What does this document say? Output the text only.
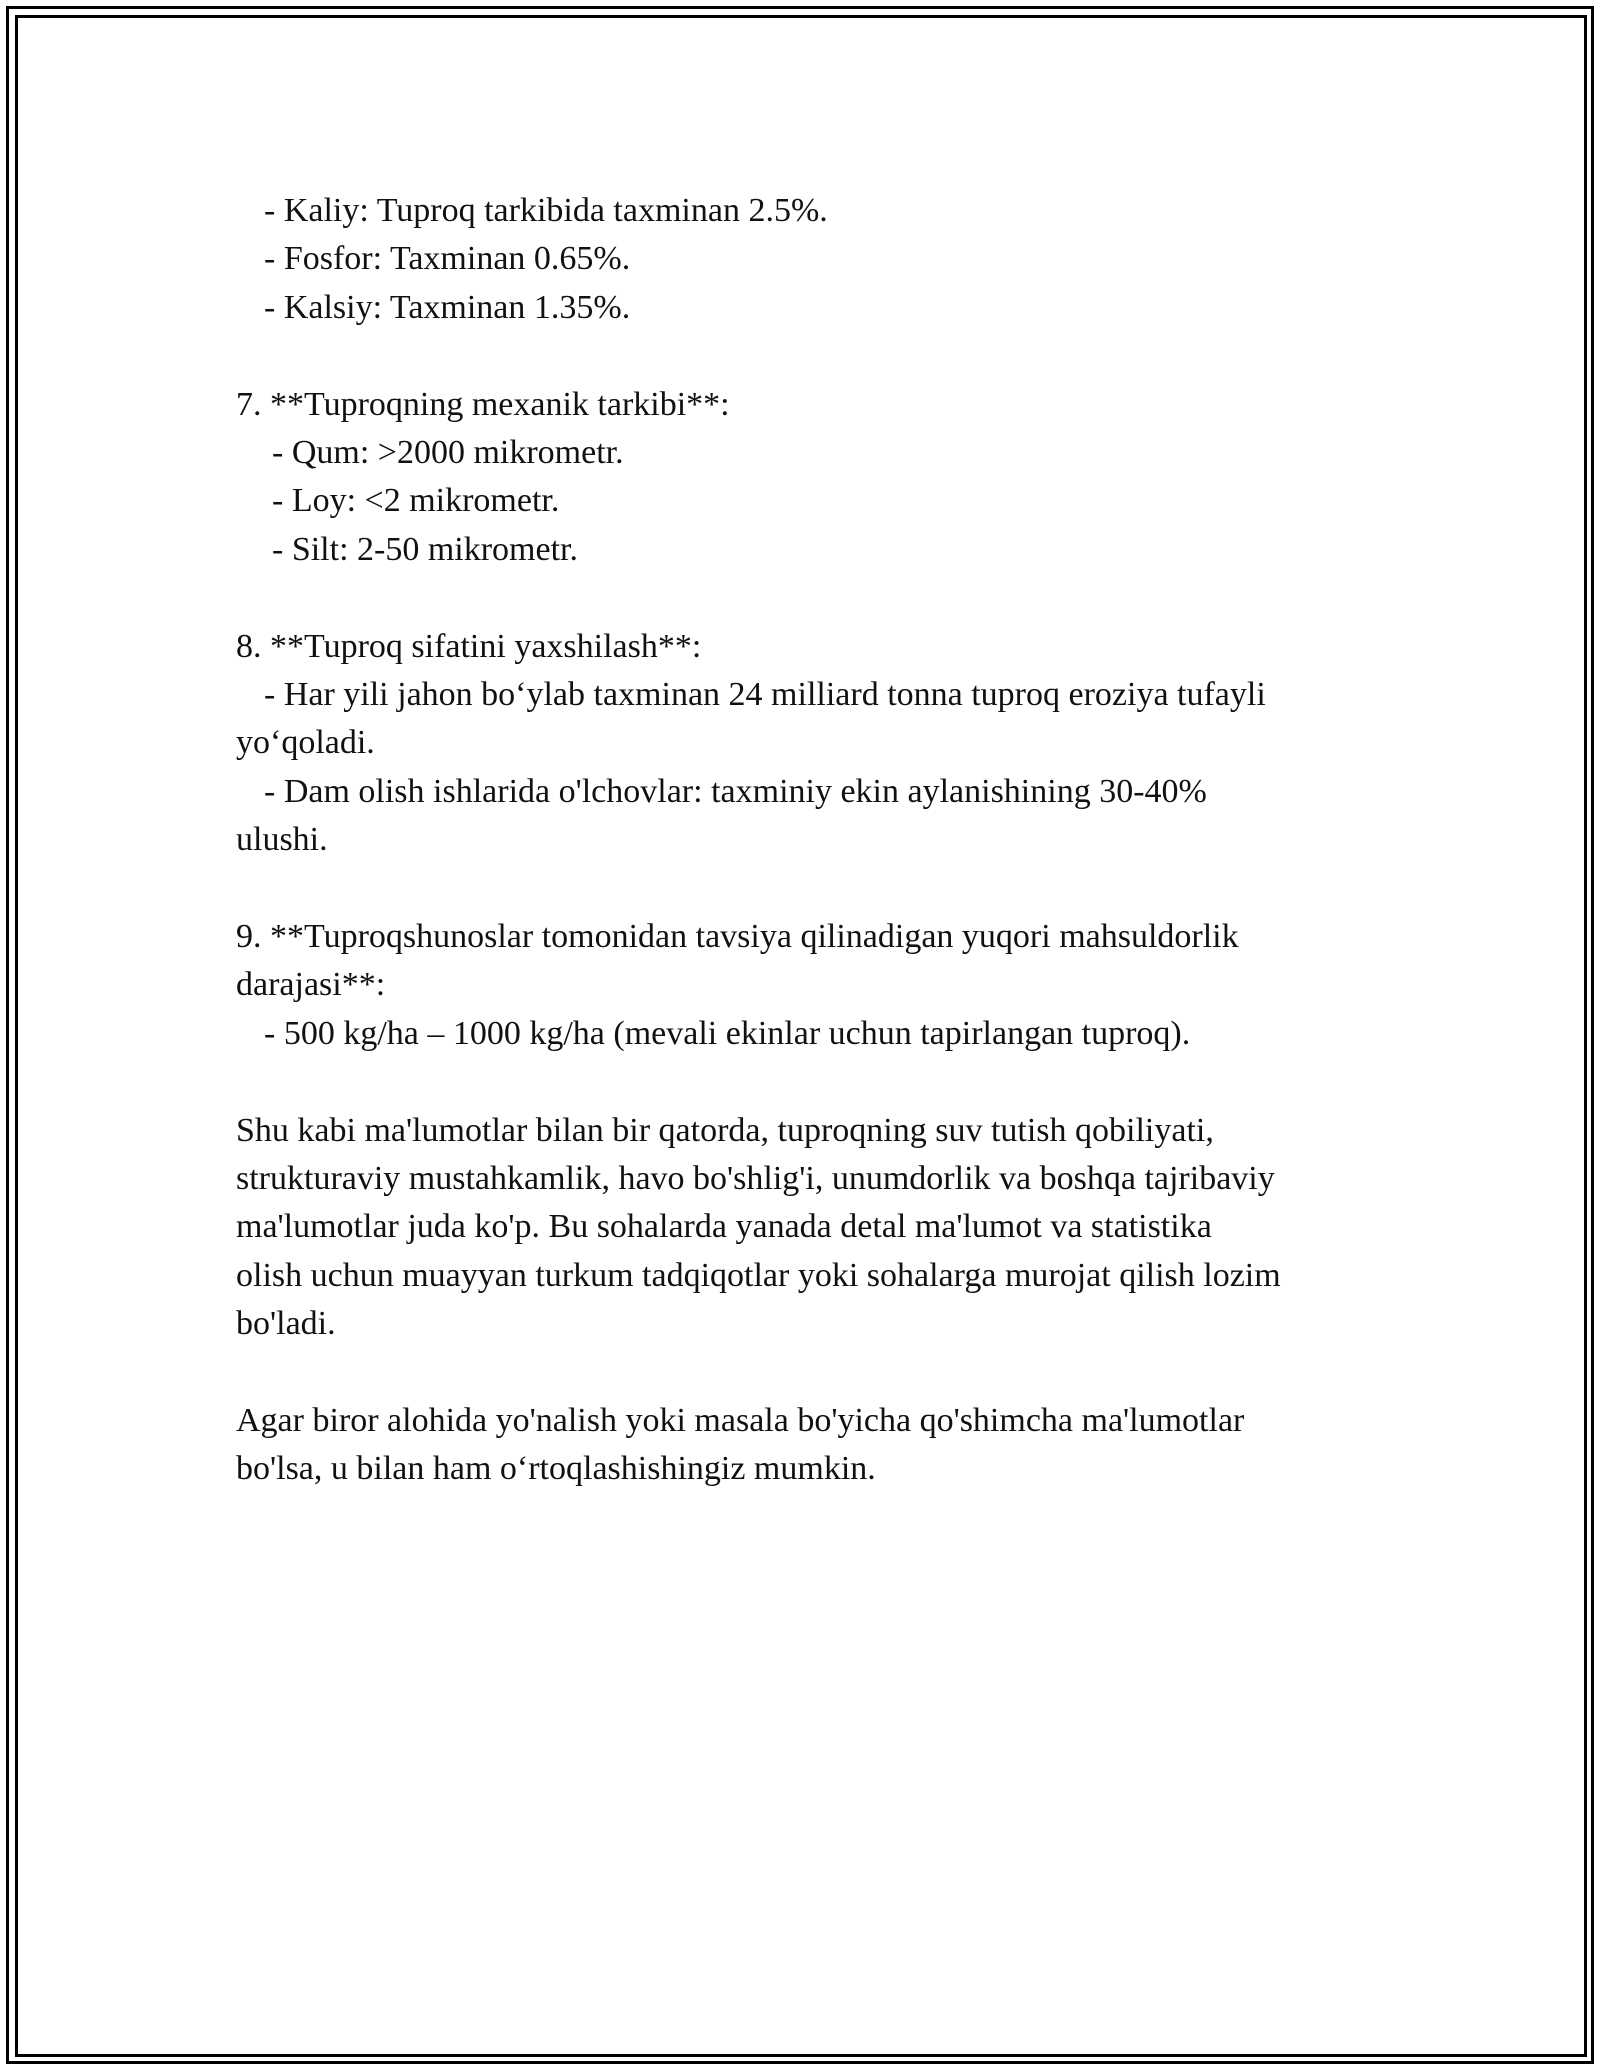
- Kaliy: Tuproq tarkibida taxminan 2.5%.
- Fosfor: Taxminan 0.65%.
- Kalsiy: Taxminan 1.35%.
7. **Tuproqning mexanik tarkibi**:
- Qum: >2000 mikrometr.
- Loy: <2 mikrometr.
- Silt: 2-50 mikrometr.
8. **Tuproq sifatini yaxshilash**:
- Har yili jahon bo‘ylab taxminan 24 milliard tonna tuproq eroziya tufayli
yo‘qoladi.
- Dam olish ishlarida o'lchovlar: taxminiy ekin aylanishining 30-40%
ulushi.
9. **Tuproqshunoslar tomonidan tavsiya qilinadigan yuqori mahsuldorlik
darajasi**:
- 500 kg/ha – 1000 kg/ha (mevali ekinlar uchun tapirlangan tuproq).
Shu kabi ma'lumotlar bilan bir qatorda, tuproqning suv tutish qobiliyati,
strukturaviy mustahkamlik, havo bo'shlig'i, unumdorlik va boshqa tajribaviy
ma'lumotlar juda ko'p. Bu sohalarda yanada detal ma'lumot va statistika
olish uchun muayyan turkum tadqiqotlar yoki sohalarga murojat qilish lozim
bo'ladi.
Agar biror alohida yo'nalish yoki masala bo'yicha qo'shimcha ma'lumotlar
bo'lsa, u bilan ham o‘rtoqlashishingiz mumkin.
